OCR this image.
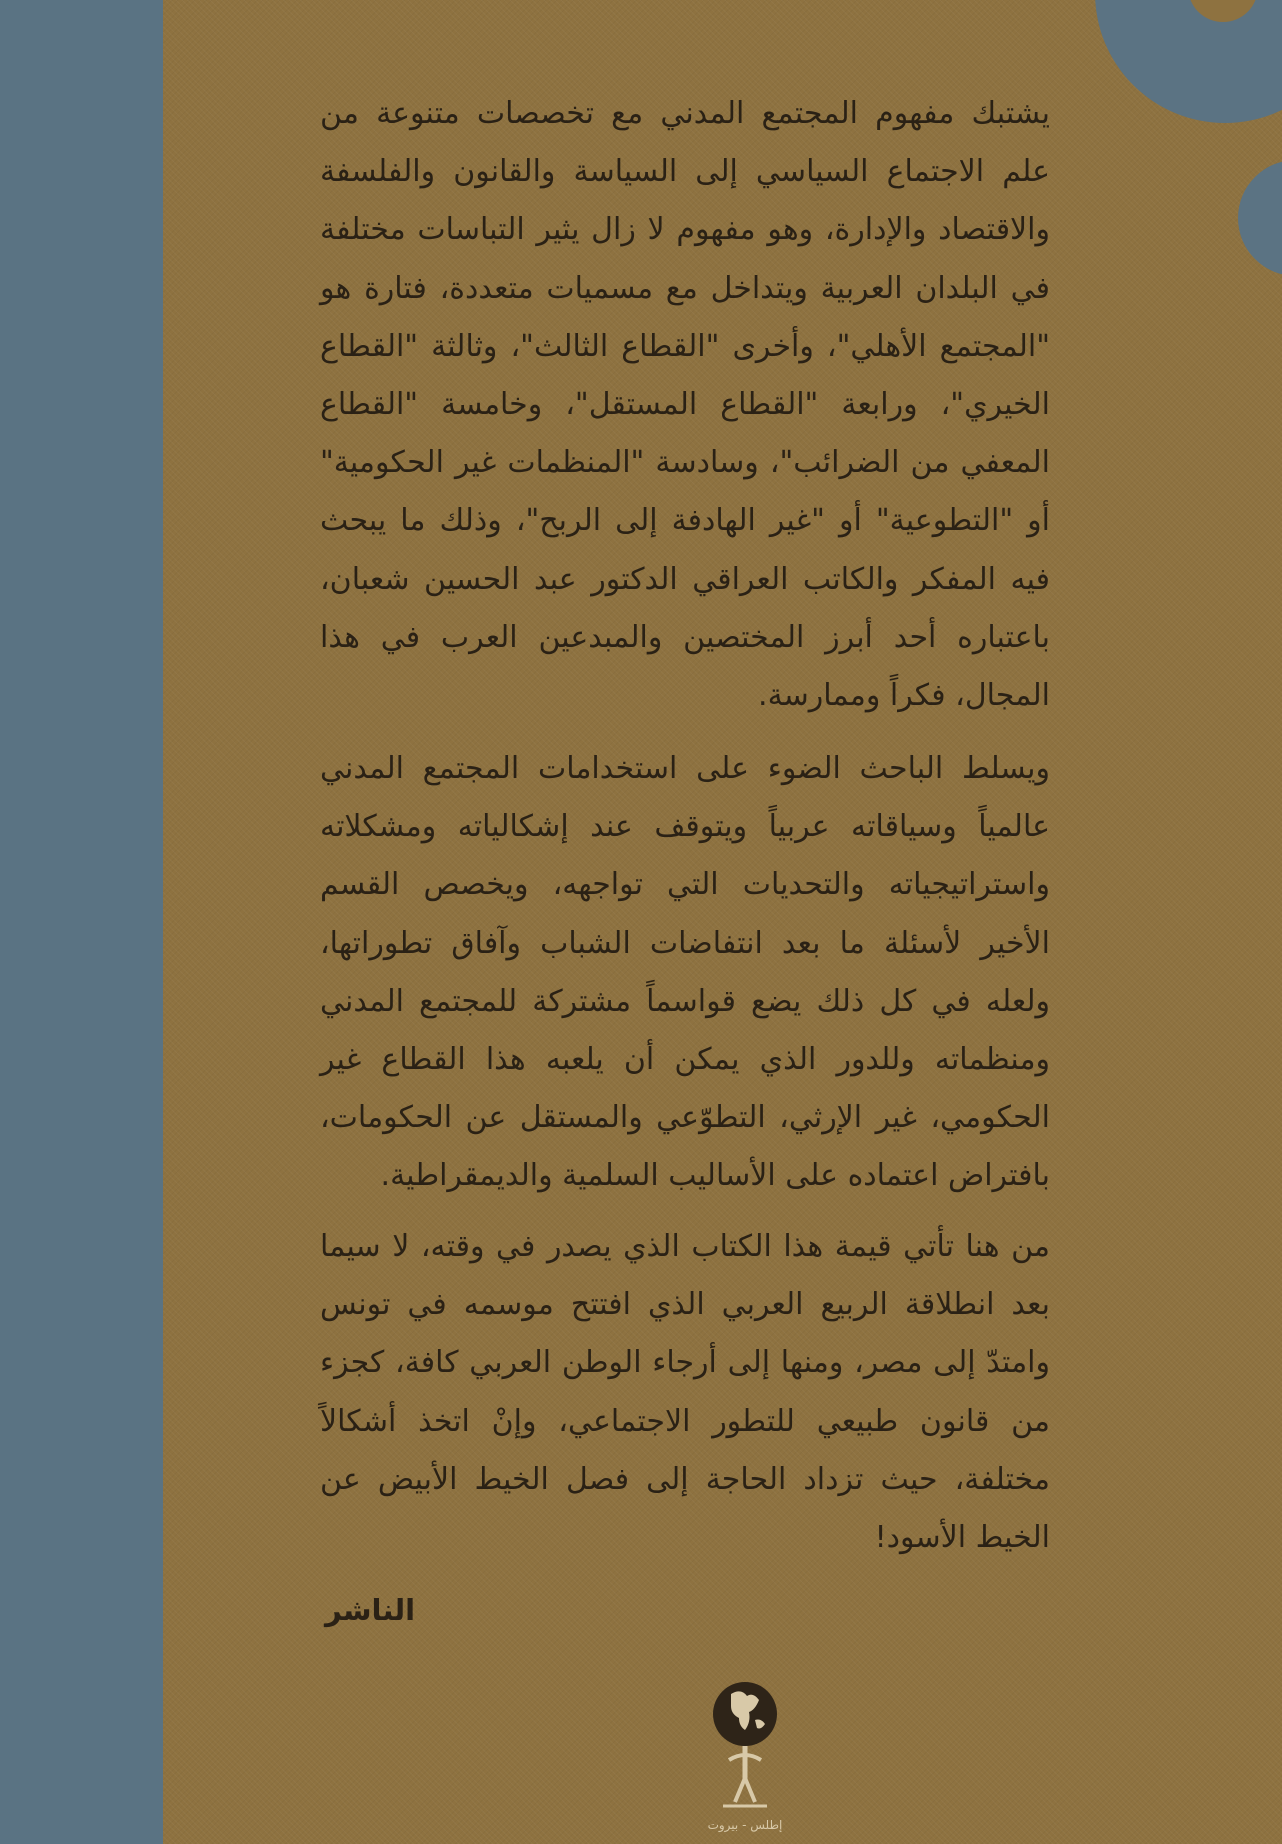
يشتبك مفهوم المجتمع المدني مع تخصصات متنوعة من علم الاجتماع السياسي إلى السياسة والقانون والفلسفة والاقتصاد والإدارة، وهو مفهوم لا زال يثير التباسات مختلفة في البلدان العربية ويتداخل مع مسميات متعددة، فتارة هو "المجتمع الأهلي"، وأخرى "القطاع الثالث"، وثالثة "القطاع الخيري"، ورابعة "القطاع المستقل"، وخامسة "القطاع المعفي من الضرائب"، وسادسة "المنظمات غير الحكومية" أو "التطوعية" أو "غير الهادفة إلى الربح"، وذلك ما يبحث فيه المفكر والكاتب العراقي الدكتور عبد الحسين شعبان، باعتباره أحد أبرز المختصين والمبدعين العرب في هذا المجال، فكراً وممارسة.

ويسلط الباحث الضوء على استخدامات المجتمع المدني عالمياً وسياقاته عربياً ويتوقف عند إشكالياته ومشكلاته واستراتيجياته والتحديات التي تواجهه، ويخصص القسم الأخير لأسئلة ما بعد انتفاضات الشباب وآفاق تطوراتها، ولعله في كل ذلك يضع قواسماً مشتركة للمجتمع المدني ومنظماته وللدور الذي يمكن أن يلعبه هذا القطاع غير الحكومي، غير الإرثي، التطوّعي والمستقل عن الحكومات، بافتراض اعتماده على الأساليب السلمية والديمقراطية.

من هنا تأتي قيمة هذا الكتاب الذي يصدر في وقته، لا سيما بعد انطلاقة الربيع العربي الذي افتتح موسمه في تونس وامتدّ إلى مصر، ومنها إلى أرجاء الوطن العربي كافة، كجزء من قانون طبيعي للتطور الاجتماعي، وإنْ اتخذ أشكالاً مختلفة، حيث تزداد الحاجة إلى فصل الخيط الأبيض عن الخيط الأسود!

الناشر

إطلس - بيروت
